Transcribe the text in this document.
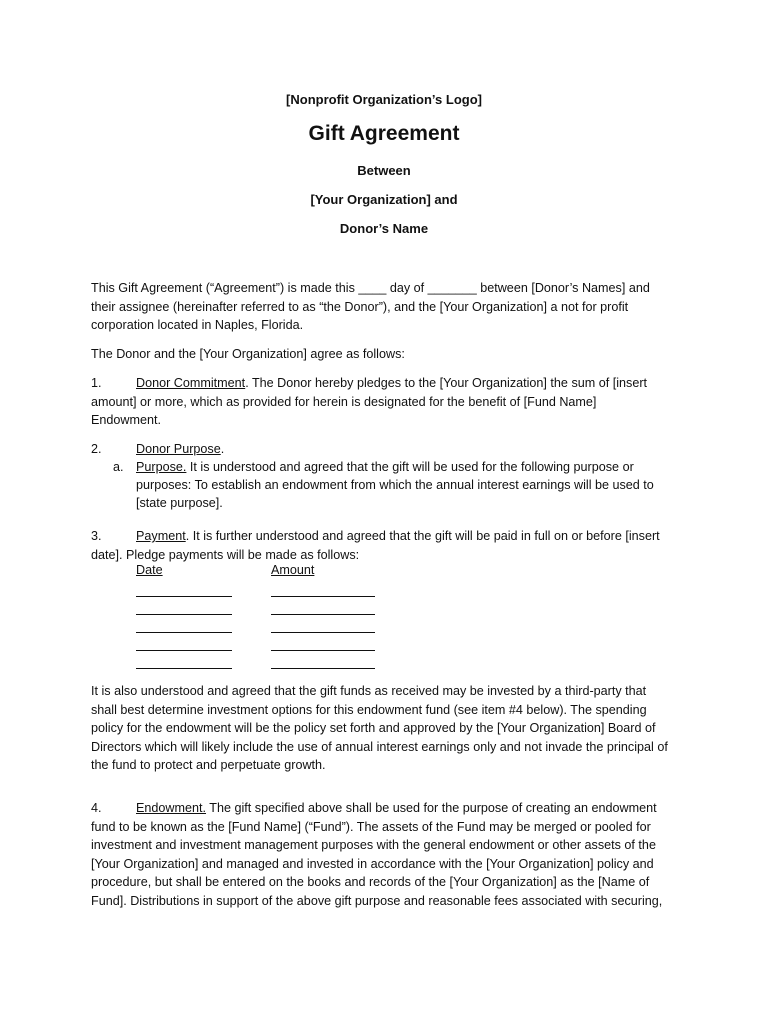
[Nonprofit Organization’s Logo]
Gift Agreement
Between
[Your Organization] and
Donor’s Name
This Gift Agreement (“Agreement”) is made this ____ day of _______ between [Donor’s Names] and
their assignee (hereinafter referred to as “the Donor”), and the [Your Organization] a not for profit
corporation located in Naples, Florida.
The Donor and the [Your Organization] agree as follows:
1.	Donor Commitment. The Donor hereby pledges to the [Your Organization] the sum of [insert
amount] or more, which as provided for herein is designated for the benefit of [Fund Name]
Endowment.
2.	Donor Purpose.
a. Purpose. It is understood and agreed that the gift will be used for the following purpose or
purposes: To establish an endowment from which the annual interest earnings will be used to
[state purpose].
3.	Payment. It is further understood and agreed that the gift will be paid in full on or before [insert
date]. Pledge payments will be made as follows:
Date	Amount
It is also understood and agreed that the gift funds as received may be invested by a third-party that
shall best determine investment options for this endowment fund (see item #4 below). The spending
policy for the endowment will be the policy set forth and approved by the [Your Organization] Board of
Directors which will likely include the use of annual interest earnings only and not invade the principal of
the fund to protect and perpetuate growth.
4.	Endowment. The gift specified above shall be used for the purpose of creating an endowment
fund to be known as the [Fund Name] (“Fund”). The assets of the Fund may be merged or pooled for
investment and investment management purposes with the general endowment or other assets of the
[Your Organization] and managed and invested in accordance with the [Your Organization] policy and
procedure, but shall be entered on the books and records of the [Your Organization] as the [Name of
Fund]. Distributions in support of the above gift purpose and reasonable fees associated with securing,
